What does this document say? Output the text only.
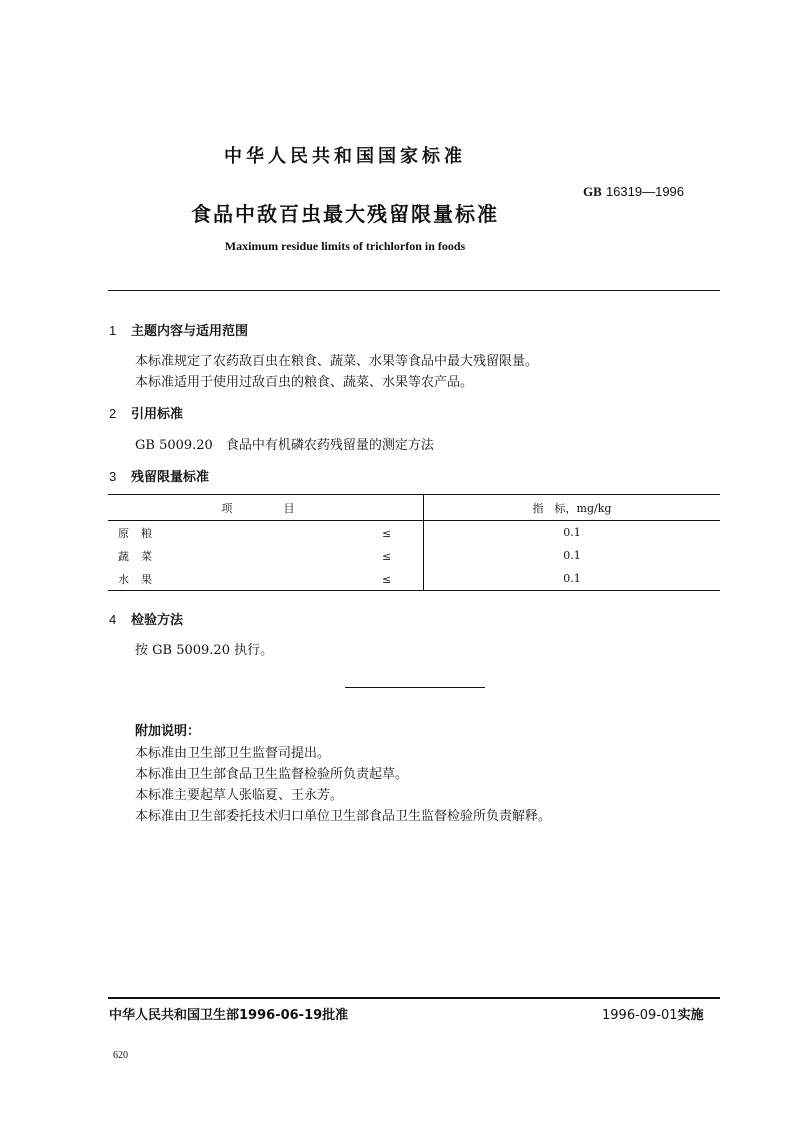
中华人民共和国国家标准
GB 16319—1996
食品中敌百虫最大残留限量标准
Maximum residue limits of trichlorfon in foods
1 主题内容与适用范围
本标准规定了农药敌百虫在粮食、蔬菜、水果等食品中最大残留限量。
本标准适用于使用过敌百虫的粮食、蔬菜、水果等农产品。
2 引用标准
GB 5009.20　食品中有机磷农药残留量的测定方法
3 残留限量标准
项　目		指　标，mg/kg
原粮 ≤		0.1
蔬菜 ≤		0.1
水果 ≤		0.1
4 检验方法
按 GB 5009.20 执行。
附加说明：
本标准由卫生部卫生监督司提出。
本标准由卫生部食品卫生监督检验所负责起草。
本标准主要起草人张临夏、王永芳。
本标准由卫生部委托技术归口单位卫生部食品卫生监督检验所负责解释。
中华人民共和国卫生部1996-06-19批准	1996-09-01实施
620
